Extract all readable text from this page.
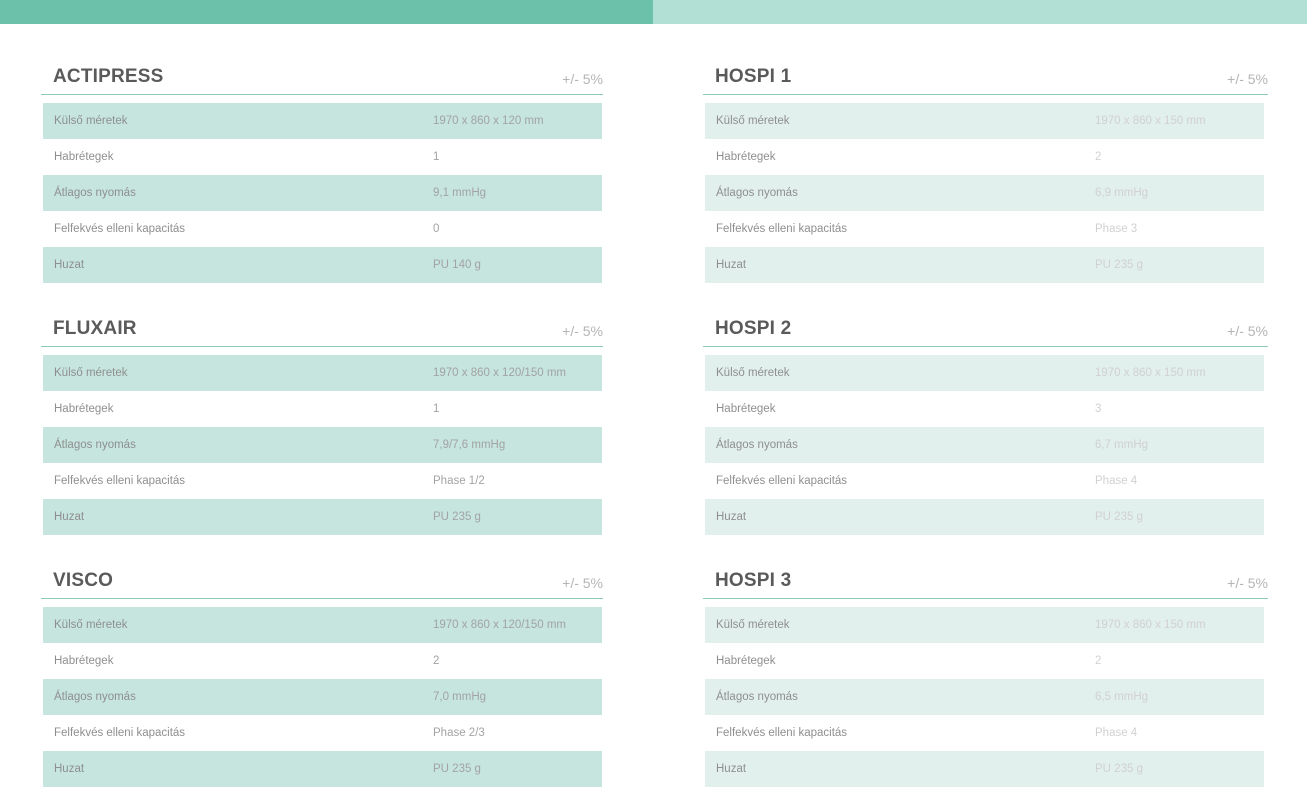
ACTIPRESS	+/- 5%
Külső méretek	1970 x 860 x 120 mm
Habrétegek	1
Átlagos nyomás	9,1 mmHg
Felfekvés elleni kapacitás	0
Huzat	PU 140 g
HOSPI 1	+/- 5%
Külső méretek	1970 x 860 x 150 mm
Habrétegek	2
Átlagos nyomás	6,9 mmHg
Felfekvés elleni kapacitás	Phase 3
Huzat	PU 235 g
FLUXAIR	+/- 5%
Külső méretek	1970 x 860 x 120/150 mm
Habrétegek	1
Átlagos nyomás	7,9/7,6 mmHg
Felfekvés elleni kapacitás	Phase 1/2
Huzat	PU 235 g
HOSPI 2	+/- 5%
Külső méretek	1970 x 860 x 150 mm
Habrétegek	3
Átlagos nyomás	6,7 mmHg
Felfekvés elleni kapacitás	Phase 4
Huzat	PU 235 g
VISCO	+/- 5%
Külső méretek	1970 x 860 x 120/150 mm
Habrétegek	2
Átlagos nyomás	7,0 mmHg
Felfekvés elleni kapacitás	Phase 2/3
Huzat	PU 235 g
HOSPI 3	+/- 5%
Külső méretek	1970 x 860 x 150 mm
Habrétegek	2
Átlagos nyomás	6,5 mmHg
Felfekvés elleni kapacitás	Phase 4
Huzat	PU 235 g
